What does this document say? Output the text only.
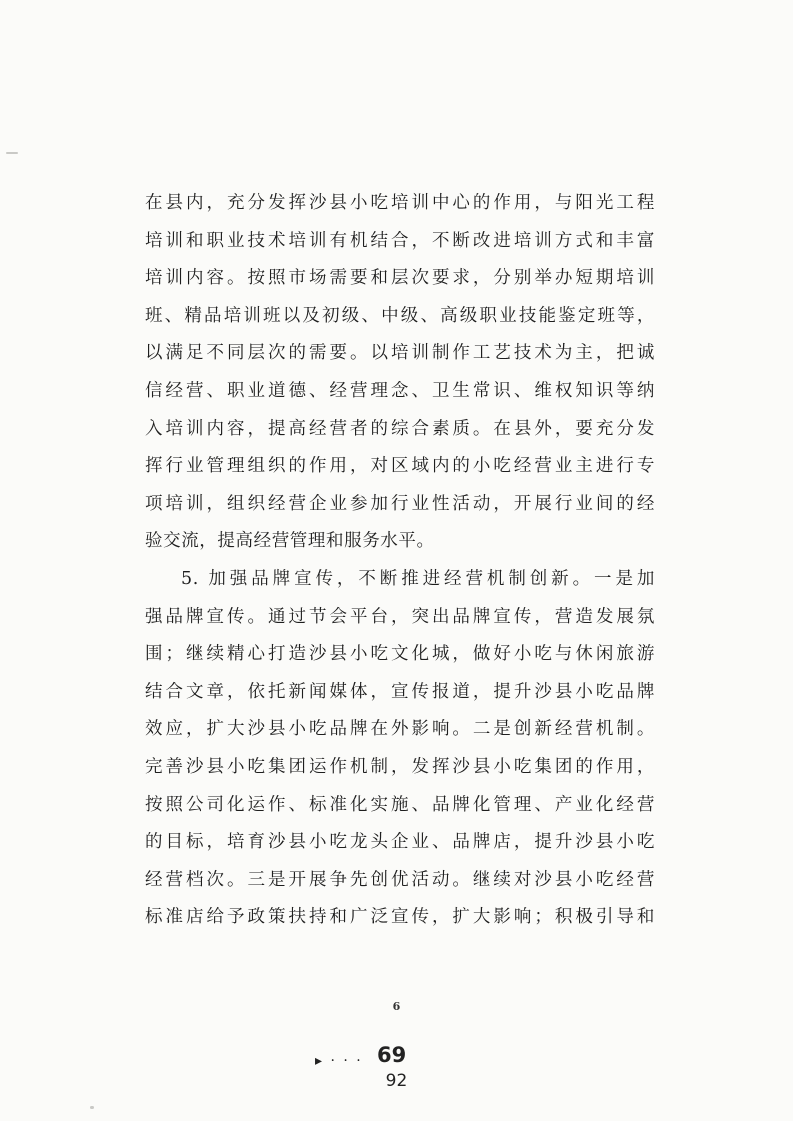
在县内，充分发挥沙县小吃培训中心的作用，与阳光工程
培训和职业技术培训有机结合，不断改进培训方式和丰富
培训内容。按照市场需要和层次要求，分别举办短期培训
班、精品培训班以及初级、中级、高级职业技能鉴定班等，
以满足不同层次的需要。以培训制作工艺技术为主，把诚
信经营、职业道德、经营理念、卫生常识、维权知识等纳
入培训内容，提高经营者的综合素质。在县外，要充分发
挥行业管理组织的作用，对区域内的小吃经营业主进行专
项培训，组织经营企业参加行业性活动，开展行业间的经
验交流，提高经营管理和服务水平。
5. 加强品牌宣传，不断推进经营机制创新。一是加
强品牌宣传。通过节会平台，突出品牌宣传，营造发展氛
围；继续精心打造沙县小吃文化城，做好小吃与休闲旅游
结合文章，依托新闻媒体，宣传报道，提升沙县小吃品牌
效应，扩大沙县小吃品牌在外影响。二是创新经营机制。
完善沙县小吃集团运作机制，发挥沙县小吃集团的作用，
按照公司化运作、标准化实施、品牌化管理、产业化经营
的目标，培育沙县小吃龙头企业、品牌店，提升沙县小吃
经营档次。三是开展争先创优活动。继续对沙县小吃经营
标准店给予政策扶持和广泛宣传，扩大影响；积极引导和
6
▸ · · · 69
92
